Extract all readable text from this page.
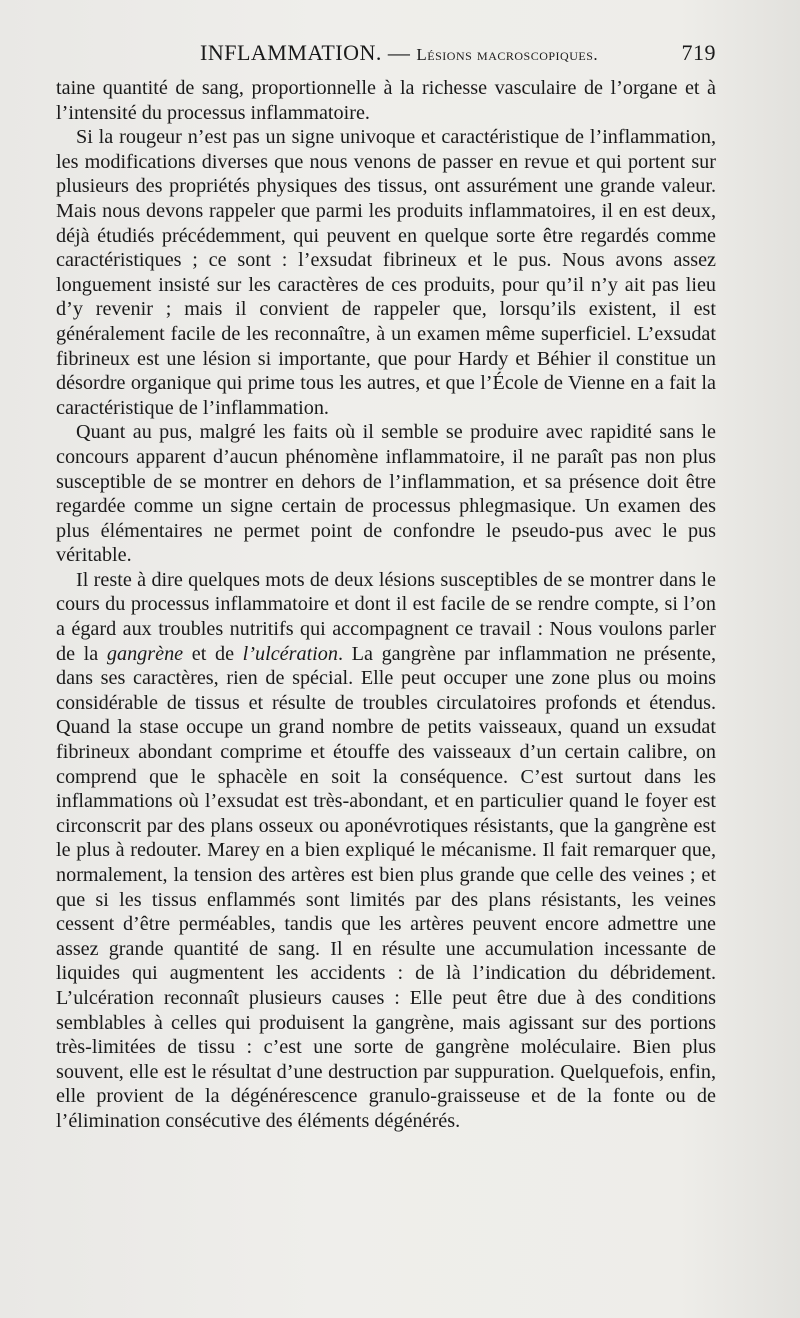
INFLAMMATION. — Lésions macroscopiques.	719

taine quantité de sang, proportionnelle à la richesse vasculaire de l’organe et à l’intensité du processus inflammatoire.

Si la rougeur n’est pas un signe univoque et caractéristique de l’inflammation, les modifications diverses que nous venons de passer en revue et qui portent sur plusieurs des propriétés physiques des tissus, ont assurément une grande valeur. Mais nous devons rappeler que parmi les produits inflammatoires, il en est deux, déjà étudiés précédemment, qui peuvent en quelque sorte être regardés comme caractéristiques ; ce sont : l’exsudat fibrineux et le pus. Nous avons assez longuement insisté sur les caractères de ces produits, pour qu’il n’y ait pas lieu d’y revenir ; mais il convient de rappeler que, lorsqu’ils existent, il est généralement facile de les reconnaître, à un examen même superficiel. L’exsudat fibrineux est une lésion si importante, que pour Hardy et Béhier il constitue un désordre organique qui prime tous les autres, et que l’École de Vienne en a fait la caractéristique de l’inflammation.

Quant au pus, malgré les faits où il semble se produire avec rapidité sans le concours apparent d’aucun phénomène inflammatoire, il ne paraît pas non plus susceptible de se montrer en dehors de l’inflammation, et sa présence doit être regardée comme un signe certain de processus phlegmasique. Un examen des plus élémentaires ne permet point de confondre le pseudo-pus avec le pus véritable.

Il reste à dire quelques mots de deux lésions susceptibles de se montrer dans le cours du processus inflammatoire et dont il est facile de se rendre compte, si l’on a égard aux troubles nutritifs qui accompagnent ce travail : Nous voulons parler de la gangrène et de l’ulcération. La gangrène par inflammation ne présente, dans ses caractères, rien de spécial. Elle peut occuper une zone plus ou moins considérable de tissus et résulte de troubles circulatoires profonds et étendus. Quand la stase occupe un grand nombre de petits vaisseaux, quand un exsudat fibrineux abondant comprime et étouffe des vaisseaux d’un certain calibre, on comprend que le sphacèle en soit la conséquence. C’est surtout dans les inflammations où l’exsudat est très-abondant, et en particulier quand le foyer est circonscrit par des plans osseux ou aponévrotiques résistants, que la gangrène est le plus à redouter. Marey en a bien expliqué le mécanisme. Il fait remarquer que, normalement, la tension des artères est bien plus grande que celle des veines ; et que si les tissus enflammés sont limités par des plans résistants, les veines cessent d’être perméables, tandis que les artères peuvent encore admettre une assez grande quantité de sang. Il en résulte une accumulation incessante de liquides qui augmentent les accidents : de là l’indication du débridement. L’ulcération reconnaît plusieurs causes : Elle peut être due à des conditions semblables à celles qui produisent la gangrène, mais agissant sur des portions très-limitées de tissu : c’est une sorte de gangrène moléculaire. Bien plus souvent, elle est le résultat d’une destruction par suppuration. Quelquefois, enfin, elle provient de la dégénérescence granulo-graisseuse et de la fonte ou de l’élimination consécutive des éléments dégénérés.
